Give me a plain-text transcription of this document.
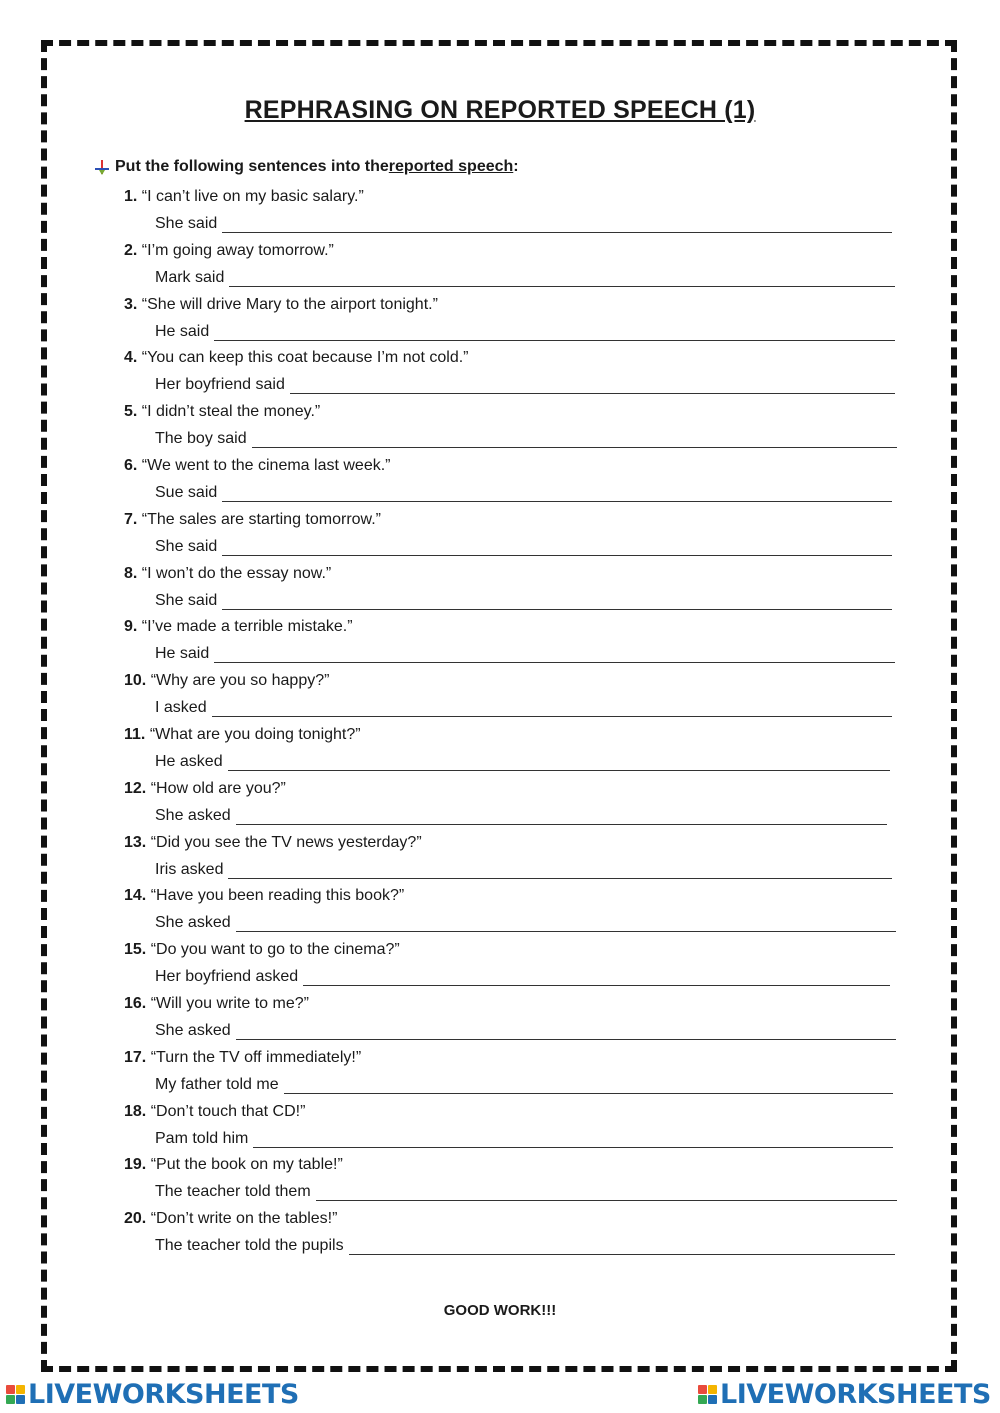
REPHRASING ON REPORTED SPEECH (1)
Put the following sentences into the reported speech :
1. “I can’t live on my basic salary.”
She said
2. “I’m going away tomorrow.”
Mark said
3. “She will drive Mary to the airport tonight.”
He said
4. “You can keep this coat because I’m not cold.”
Her boyfriend said
5. “I didn’t steal the money.”
The boy said
6. “We went to the cinema last week.”
Sue said
7. “The sales are starting tomorrow.”
She said
8. “I won’t do the essay now.”
She said
9. “I’ve made a terrible mistake.”
He said
10. “Why are you so happy?”
I asked
11. “What are you doing tonight?”
He asked
12. “How old are you?”
She asked
13. “Did you see the TV news yesterday?”
Iris asked
14. “Have you been reading this book?”
She asked
15. “Do you want to go to the cinema?”
Her boyfriend asked
16. “Will you write to me?”
She asked
17. “Turn the TV off immediately!”
My father told me
18. “Don’t touch that CD!”
Pam told him
19. “Put the book on my table!”
The teacher told them
20. “Don’t write on the tables!”
The teacher told the pupils
GOOD WORK!!!
LIVEWORKSHEETS	LIVEWORKSHEETS
